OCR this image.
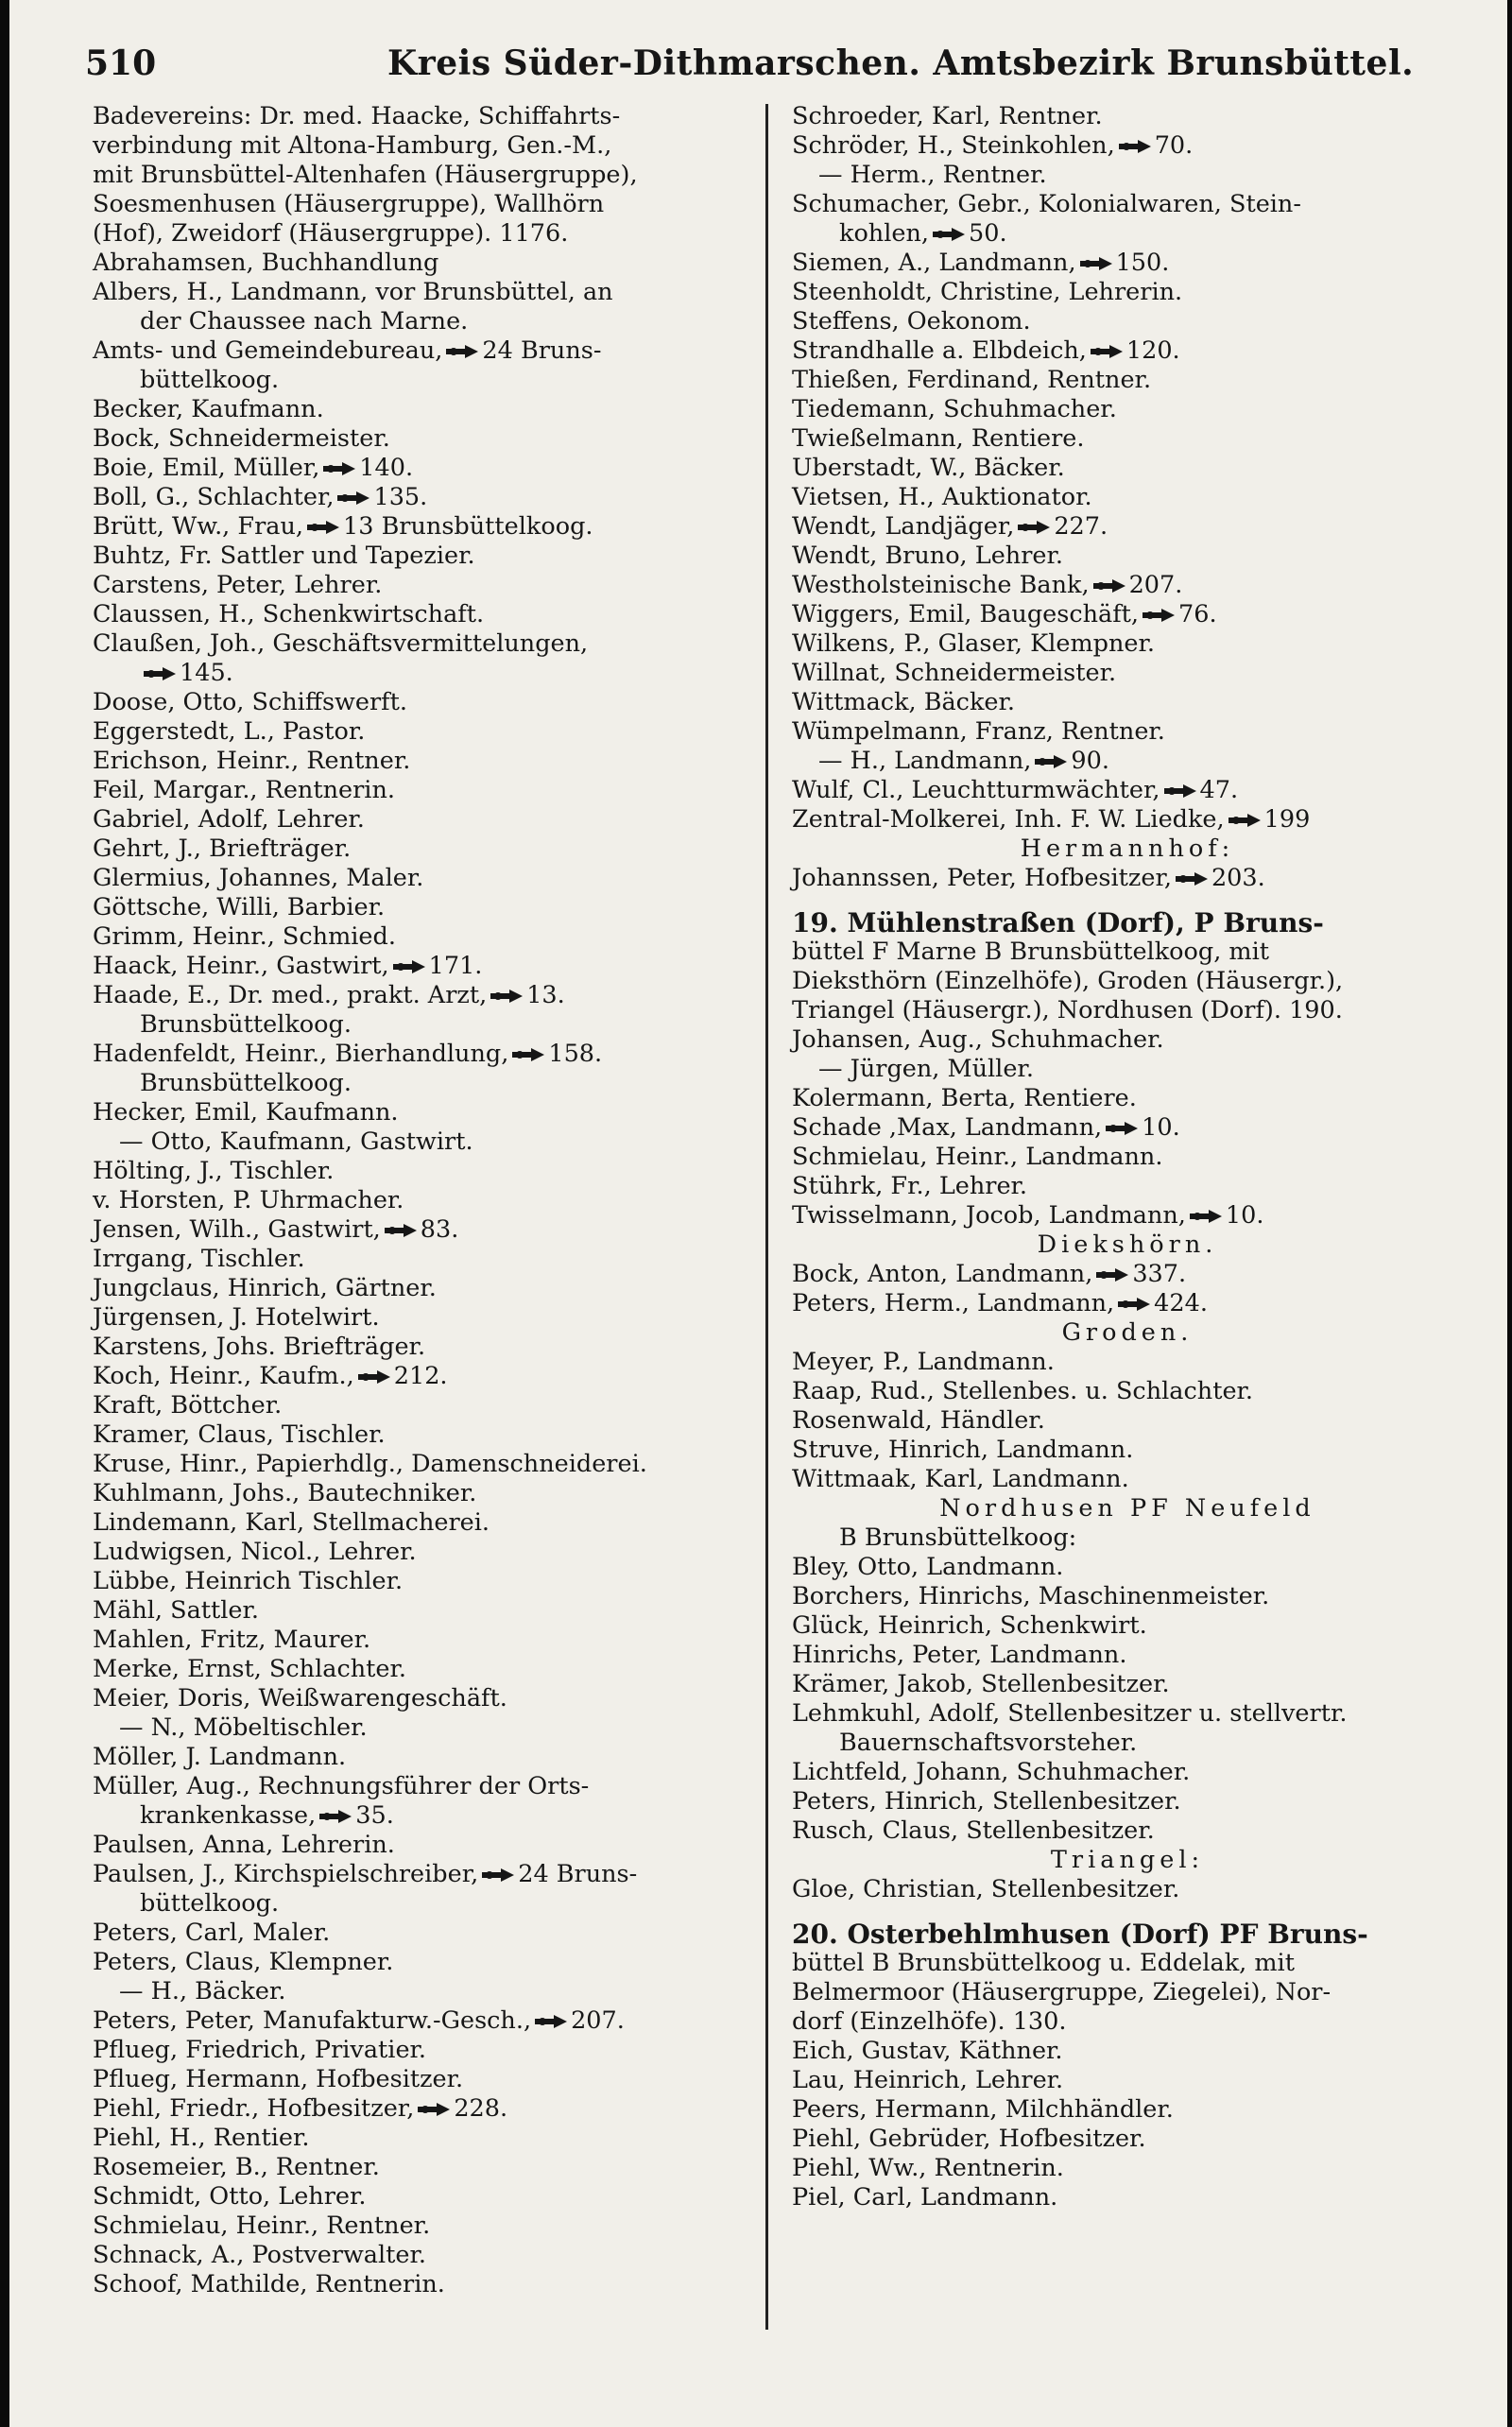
510	Kreis Süder-Dithmarschen. Amtsbezirk Brunsbüttel.
Badevereins: Dr. med. Haacke, Schiffahrts-
verbindung mit Altona-Hamburg, Gen.-M.,
mit Brunsbüttel-Altenhafen (Häusergruppe),
Soesmenhusen (Häusergruppe), Wallhörn
(Hof), Zweidorf (Häusergruppe). 1176.
Abrahamsen, Buchhandlung
Albers, H., Landmann, vor Brunsbüttel, an
der Chaussee nach Marne.
Amts- und Gemeindebureau, 24 Bruns-
büttelkoog.
Becker, Kaufmann.
Bock, Schneidermeister.
Boie, Emil, Müller, 140.
Boll, G., Schlachter, 135.
Brütt, Ww., Frau, 13 Brunsbüttelkoog.
Buhtz, Fr. Sattler und Tapezier.
Carstens, Peter, Lehrer.
Claussen, H., Schenkwirtschaft.
Claußen, Joh., Geschäftsvermittelungen,
145.
Doose, Otto, Schiffswerft.
Eggerstedt, L., Pastor.
Erichson, Heinr., Rentner.
Feil, Margar., Rentnerin.
Gabriel, Adolf, Lehrer.
Gehrt, J., Briefträger.
Glermius, Johannes, Maler.
Göttsche, Willi, Barbier.
Grimm, Heinr., Schmied.
Haack, Heinr., Gastwirt, 171.
Haade, E., Dr. med., prakt. Arzt, 13.
Brunsbüttelkoog.
Hadenfeldt, Heinr., Bierhandlung, 158.
Brunsbüttelkoog.
Hecker, Emil, Kaufmann.
— Otto, Kaufmann, Gastwirt.
Hölting, J., Tischler.
v. Horsten, P. Uhrmacher.
Jensen, Wilh., Gastwirt, 83.
Irrgang, Tischler.
Jungclaus, Hinrich, Gärtner.
Jürgensen, J. Hotelwirt.
Karstens, Johs. Briefträger.
Koch, Heinr., Kaufm., 212.
Kraft, Böttcher.
Kramer, Claus, Tischler.
Kruse, Hinr., Papierhdlg., Damenschneiderei.
Kuhlmann, Johs., Bautechniker.
Lindemann, Karl, Stellmacherei.
Ludwigsen, Nicol., Lehrer.
Lübbe, Heinrich Tischler.
Mähl, Sattler.
Mahlen, Fritz, Maurer.
Merke, Ernst, Schlachter.
Meier, Doris, Weißwarengeschäft.
— N., Möbeltischler.
Möller, J. Landmann.
Müller, Aug., Rechnungsführer der Orts-
krankenkasse, 35.
Paulsen, Anna, Lehrerin.
Paulsen, J., Kirchspielschreiber, 24 Bruns-
büttelkoog.
Peters, Carl, Maler.
Peters, Claus, Klempner.
— H., Bäcker.
Peters, Peter, Manufakturw.-Gesch., 207.
Pflueg, Friedrich, Privatier.
Pflueg, Hermann, Hofbesitzer.
Piehl, Friedr., Hofbesitzer, 228.
Piehl, H., Rentier.
Rosemeier, B., Rentner.
Schmidt, Otto, Lehrer.
Schmielau, Heinr., Rentner.
Schnack, A., Postverwalter.
Schoof, Mathilde, Rentnerin.
Schroeder, Karl, Rentner.
Schröder, H., Steinkohlen, 70.
— Herm., Rentner.
Schumacher, Gebr., Kolonialwaren, Stein-
kohlen, 50.
Siemen, A., Landmann, 150.
Steenholdt, Christine, Lehrerin.
Steffens, Oekonom.
Strandhalle a. Elbdeich, 120.
Thießen, Ferdinand, Rentner.
Tiedemann, Schuhmacher.
Twießelmann, Rentiere.
Uberstadt, W., Bäcker.
Vietsen, H., Auktionator.
Wendt, Landjäger, 227.
Wendt, Bruno, Lehrer.
Westholsteinische Bank, 207.
Wiggers, Emil, Baugeschäft, 76.
Wilkens, P., Glaser, Klempner.
Willnat, Schneidermeister.
Wittmack, Bäcker.
Wümpelmann, Franz, Rentner.
— H., Landmann, 90.
Wulf, Cl., Leuchtturmwächter, 47.
Zentral-Molkerei, Inh. F. W. Liedke, 199
Hermannhof:
Johannssen, Peter, Hofbesitzer, 203.
19. Mühlenstraßen (Dorf), P Bruns-
büttel F Marne B Brunsbüttelkoog, mit
Dieksthörn (Einzelhöfe), Groden (Häusergr.),
Triangel (Häusergr.), Nordhusen (Dorf). 190.
Johansen, Aug., Schuhmacher.
— Jürgen, Müller.
Kolermann, Berta, Rentiere.
Schade ,Max, Landmann, 10.
Schmielau, Heinr., Landmann.
Stührk, Fr., Lehrer.
Twisselmann, Jocob, Landmann, 10.
Diekshörn.
Bock, Anton, Landmann, 337.
Peters, Herm., Landmann, 424.
Groden.
Meyer, P., Landmann.
Raap, Rud., Stellenbes. u. Schlachter.
Rosenwald, Händler.
Struve, Hinrich, Landmann.
Wittmaak, Karl, Landmann.
Nordhusen PF Neufeld
B Brunsbüttelkoog:
Bley, Otto, Landmann.
Borchers, Hinrichs, Maschinenmeister.
Glück, Heinrich, Schenkwirt.
Hinrichs, Peter, Landmann.
Krämer, Jakob, Stellenbesitzer.
Lehmkuhl, Adolf, Stellenbesitzer u. stellvertr.
Bauernschaftsvorsteher.
Lichtfeld, Johann, Schuhmacher.
Peters, Hinrich, Stellenbesitzer.
Rusch, Claus, Stellenbesitzer.
Triangel:
Gloe, Christian, Stellenbesitzer.
20. Osterbehlmhusen (Dorf) PF Bruns-
büttel B Brunsbüttelkoog u. Eddelak, mit
Belmermoor (Häusergruppe, Ziegelei), Nor-
dorf (Einzelhöfe). 130.
Eich, Gustav, Käthner.
Lau, Heinrich, Lehrer.
Peers, Hermann, Milchhändler.
Piehl, Gebrüder, Hofbesitzer.
Piehl, Ww., Rentnerin.
Piel, Carl, Landmann.
